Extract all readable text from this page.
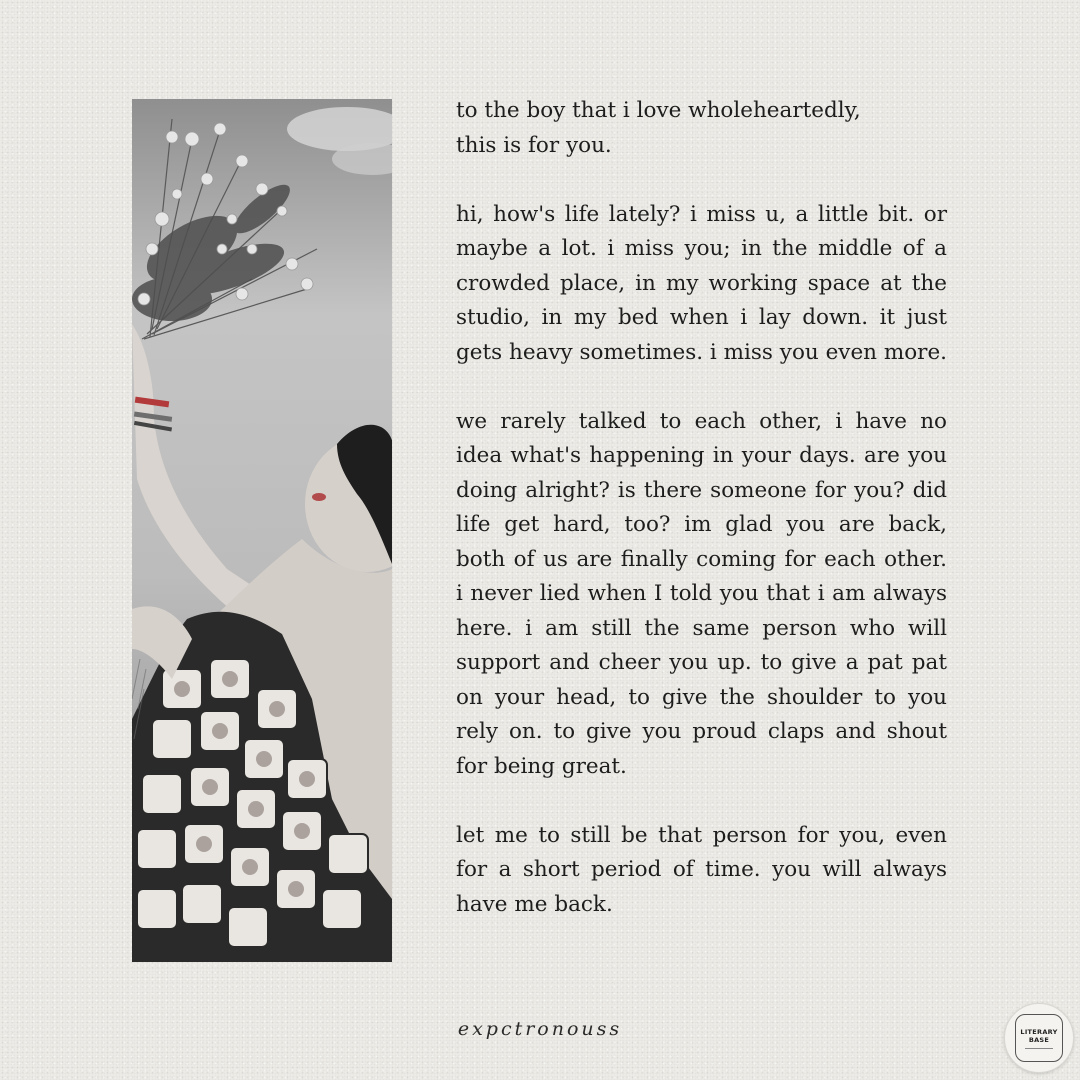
to the boy that i love wholeheartedly,
this is for you.

hi, how's life lately? i miss u, a little bit. or maybe a lot. i miss you; in the middle of a crowded place, in my working space at the studio, in my bed when i lay down. it just gets heavy sometimes. i miss you even more.

we rarely talked to each other, i have no idea what's happening in your days. are you doing alright? is there someone for you? did life get hard, too? im glad you are back, both of us are finally coming for each other. i never lied when I told you that i am always here. i am still the same person who will support and cheer you up. to give a pat pat on your head, to give the shoulder to you rely on. to give you proud claps and shout for being great.

let me to still be that person for you, even for a short period of time. you will always have me back.

expctronouss	LITERARY
BASE
